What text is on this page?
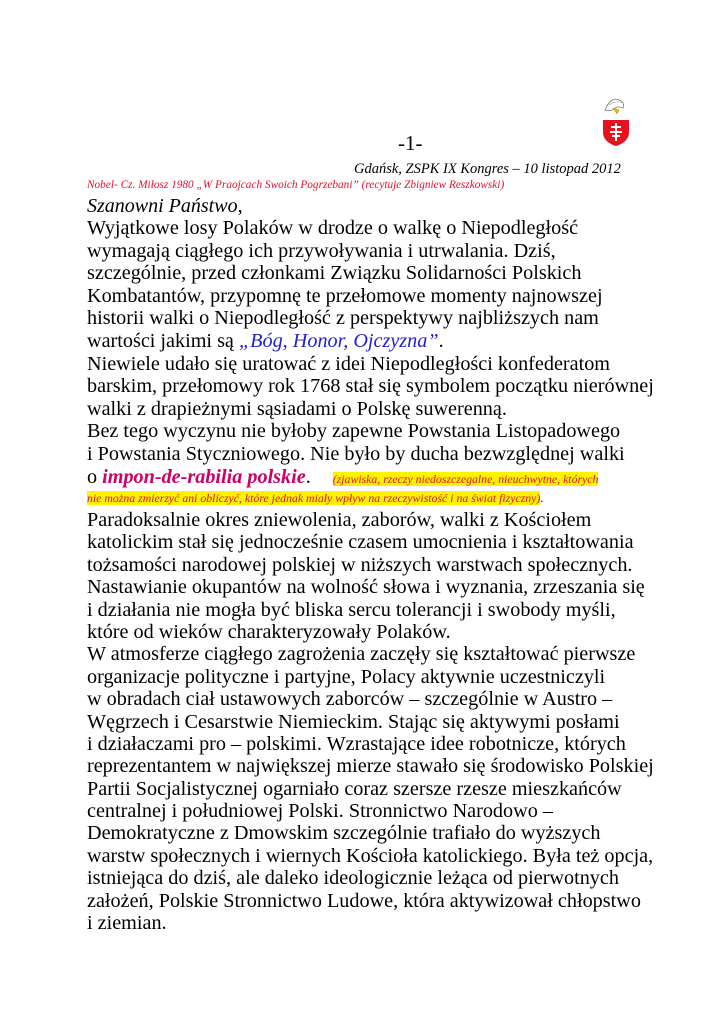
-1-
Gdańsk, ZSPK IX Kongres – 10 listopad 2012
Nobel- Cz. Miłosz 1980 „W Praojcach Swoich Pogrzebani” (recytuje Zbigniew Reszkowski)
Szanowni Państwo,
Wyjątkowe losy Polaków w drodze o walkę o Niepodległość
wymagają ciągłego ich przywoływania i utrwalania. Dziś,
szczególnie, przed członkami Związku Solidarności Polskich
Kombatantów, przypomnę te przełomowe momenty najnowszej
historii walki o Niepodległość z perspektywy najbliższych nam
wartości jakimi są „Bóg, Honor, Ojczyzna”.
Niewiele udało się uratować z idei Niepodległości konfederatom
barskim, przełomowy rok 1768 stał się symbolem początku nierównej
walki z drapieżnymi sąsiadami o Polskę suwerenną.
Bez tego wyczynu nie byłoby zapewne Powstania Listopadowego
i Powstania Styczniowego. Nie było by ducha bezwzględnej walki
o impon-de-rabilia polskie. (zjawiska, rzeczy niedoszczegalne, nieuchwytne, których
nie można zmierzyć ani obliczyć, które jednak miały wpływ na rzeczywistość i na świat fizyczny).
Paradoksalnie okres zniewolenia, zaborów, walki z Kościołem
katolickim stał się jednocześnie czasem umocnienia i kształtowania
tożsamości narodowej polskiej w niższych warstwach społecznych.
Nastawianie okupantów na wolność słowa i wyznania, zrzeszania się
i działania nie mogła być bliska sercu tolerancji i swobody myśli,
które od wieków charakteryzowały Polaków.
W atmosferze ciągłego zagrożenia zaczęły się kształtować pierwsze
organizacje polityczne i partyjne, Polacy aktywnie uczestniczyli
w obradach ciał ustawowych zaborców – szczególnie w Austro –
Węgrzech i Cesarstwie Niemieckim. Stając się aktywymi posłami
i działaczami pro – polskimi. Wzrastające idee robotnicze, których
reprezentantem w największej mierze stawało się środowisko Polskiej
Partii Socjalistycznej ogarniało coraz szersze rzesze mieszkańców
centralnej i południowej Polski. Stronnictwo Narodowo –
Demokratyczne z Dmowskim szczególnie trafiało do wyższych
warstw społecznych i wiernych Kościoła katolickiego. Była też opcja,
istniejąca do dziś, ale daleko ideologicznie leżąca od pierwotnych
założeń, Polskie Stronnictwo Ludowe, która aktywizował chłopstwo
i ziemian.
